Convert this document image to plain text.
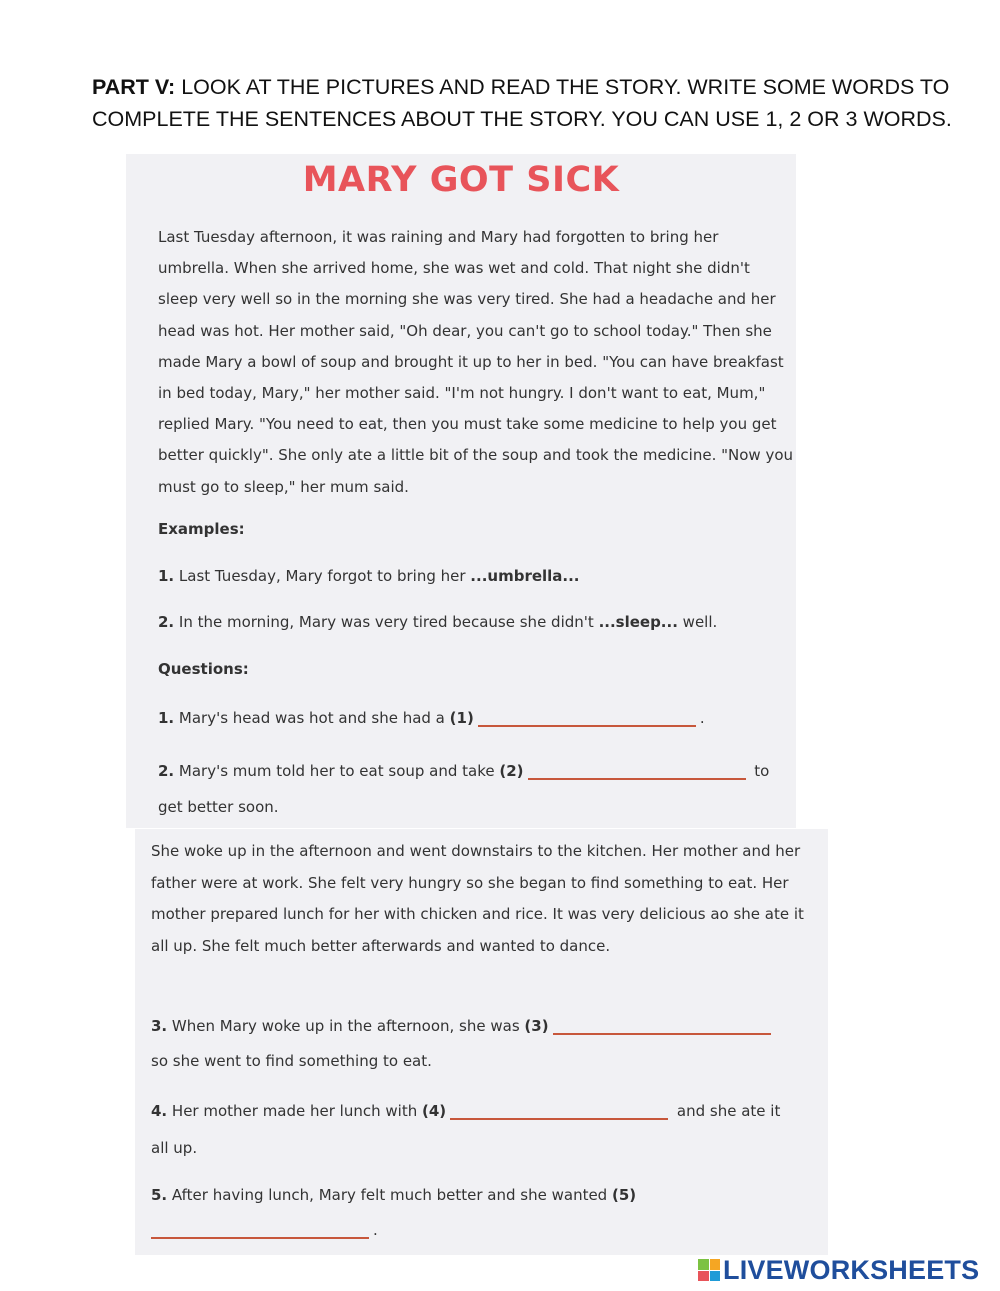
PART V: LOOK AT THE PICTURES AND READ THE STORY. WRITE SOME WORDS TO COMPLETE THE SENTENCES ABOUT THE STORY. YOU CAN USE 1, 2 OR 3 WORDS.
MARY GOT SICK

Last Tuesday afternoon, it was raining and Mary had forgotten to bring her umbrella. When she arrived home, she was wet and cold. That night she didn't sleep very well so in the morning she was very tired. She had a headache and her head was hot. Her mother said, "Oh dear, you can't go to school today." Then she made Mary a bowl of soup and brought it up to her in bed. "You can have breakfast in bed today, Mary," her mother said. "I'm not hungry. I don't want to eat, Mum," replied Mary. "You need to eat, then you must take some medicine to help you get better quickly". She only ate a little bit of the soup and took the medicine. "Now you must go to sleep," her mum said.

Examples:
1. Last Tuesday, Mary forgot to bring her ...umbrella...
2. In the morning, Mary was very tired because she didn't ...sleep... well.
Questions:
1. Mary's head was hot and she had a (1)	.
2. Mary's mum told her to eat soup and take (2)	to
get better soon.

She woke up in the afternoon and went downstairs to the kitchen. Her mother and her father were at work. She felt very hungry so she began to find something to eat. Her mother prepared lunch for her with chicken and rice. It was very delicious ao she ate it all up. She felt much better afterwards and wanted to dance.

3. When Mary woke up in the afternoon, she was (3)
so she went to find something to eat.
4. Her mother made her lunch with (4)	and she ate it
all up.
5. After having lunch, Mary felt much better and she wanted (5)
.
LIVEWORKSHEETS
